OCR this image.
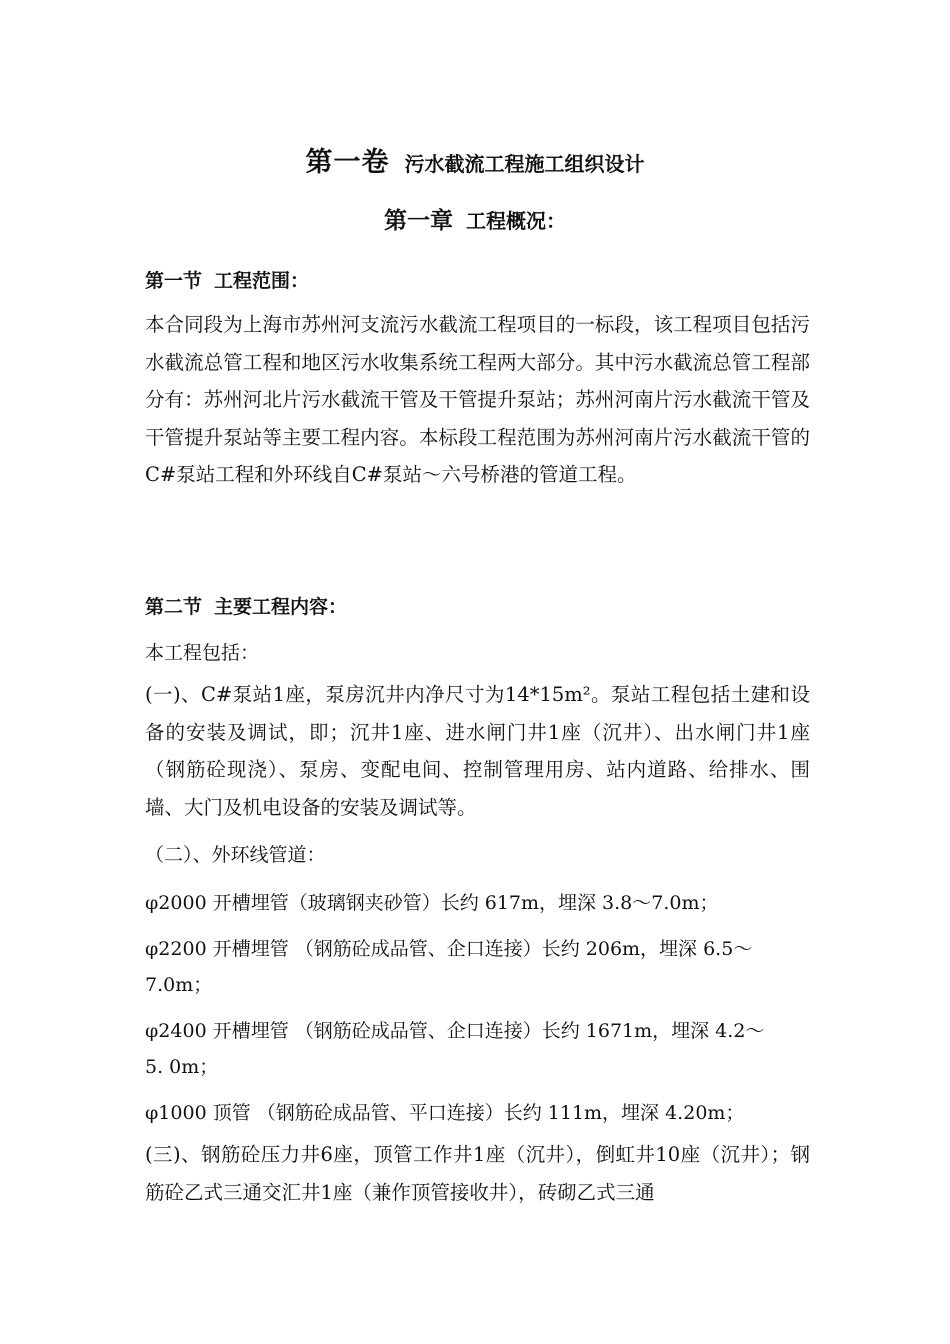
第一卷 污水截流工程施工组织设计
第一章 工程概况：
第一节 工程范围：
本合同段为上海市苏州河支流污水截流工程项目的一标段，该工程项目包括污水截流总管工程和地区污水收集系统工程两大部分。其中污水截流总管工程部分有：苏州河北片污水截流干管及干管提升泵站；苏州河南片污水截流干管及干管提升泵站等主要工程内容。本标段工程范围为苏州河南片污水截流干管的C#泵站工程和外环线自C#泵站～六号桥港的管道工程。
第二节 主要工程内容：
本工程包括：
(一)、C#泵站1座，泵房沉井内净尺寸为14*15m²。泵站工程包括土建和设备的安装及调试，即；沉井1座、进水闸门井1座（沉井）、出水闸门井1座（钢筋砼现浇）、泵房、变配电间、控制管理用房、站内道路、给排水、围墙、大门及机电设备的安装及调试等。
（二）、外环线管道：
φ2000 开槽埋管（玻璃钢夹砂管）长约 617m，埋深 3.8～7.0m；
φ2200 开槽埋管 （钢筋砼成品管、企口连接）长约 206m，埋深 6.5～
7.0m；
φ2400 开槽埋管 （钢筋砼成品管、企口连接）长约 1671m，埋深 4.2～
5. 0m；
φ1000 顶管 （钢筋砼成品管、平口连接）长约 111m，埋深 4.20m；
(三)、钢筋砼压力井6座，顶管工作井1座（沉井），倒虹井10座（沉井）；钢筋砼乙式三通交汇井1座（兼作顶管接收井），砖砌乙式三通
